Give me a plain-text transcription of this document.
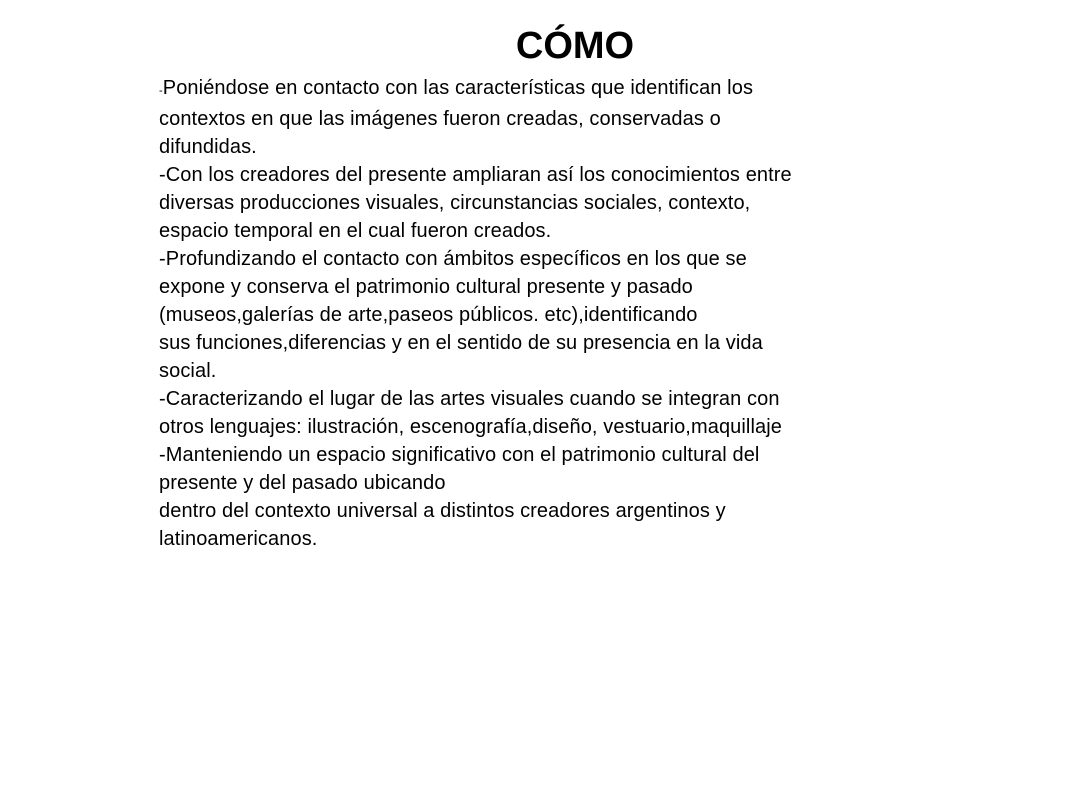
CÓMO
-Poniéndose en contacto con las características que identifican los
contextos en que las imágenes fueron creadas, conservadas o
difundidas.
-Con los creadores del presente ampliaran así los conocimientos entre
diversas producciones visuales, circunstancias sociales, contexto,
espacio temporal en el cual fueron creados.
-Profundizando el contacto con ámbitos específicos en los que se
expone y conserva el patrimonio cultural presente y pasado
(museos,galerías de arte,paseos públicos. etc),identificando
sus funciones,diferencias y en el sentido de su presencia en la vida
social.
-Caracterizando el lugar de las artes visuales cuando se integran con
otros lenguajes: ilustración, escenografía,diseño, vestuario,maquillaje
-Manteniendo un espacio significativo con el patrimonio cultural del
presente y del pasado ubicando
dentro del contexto universal a distintos creadores argentinos y
latinoamericanos.
